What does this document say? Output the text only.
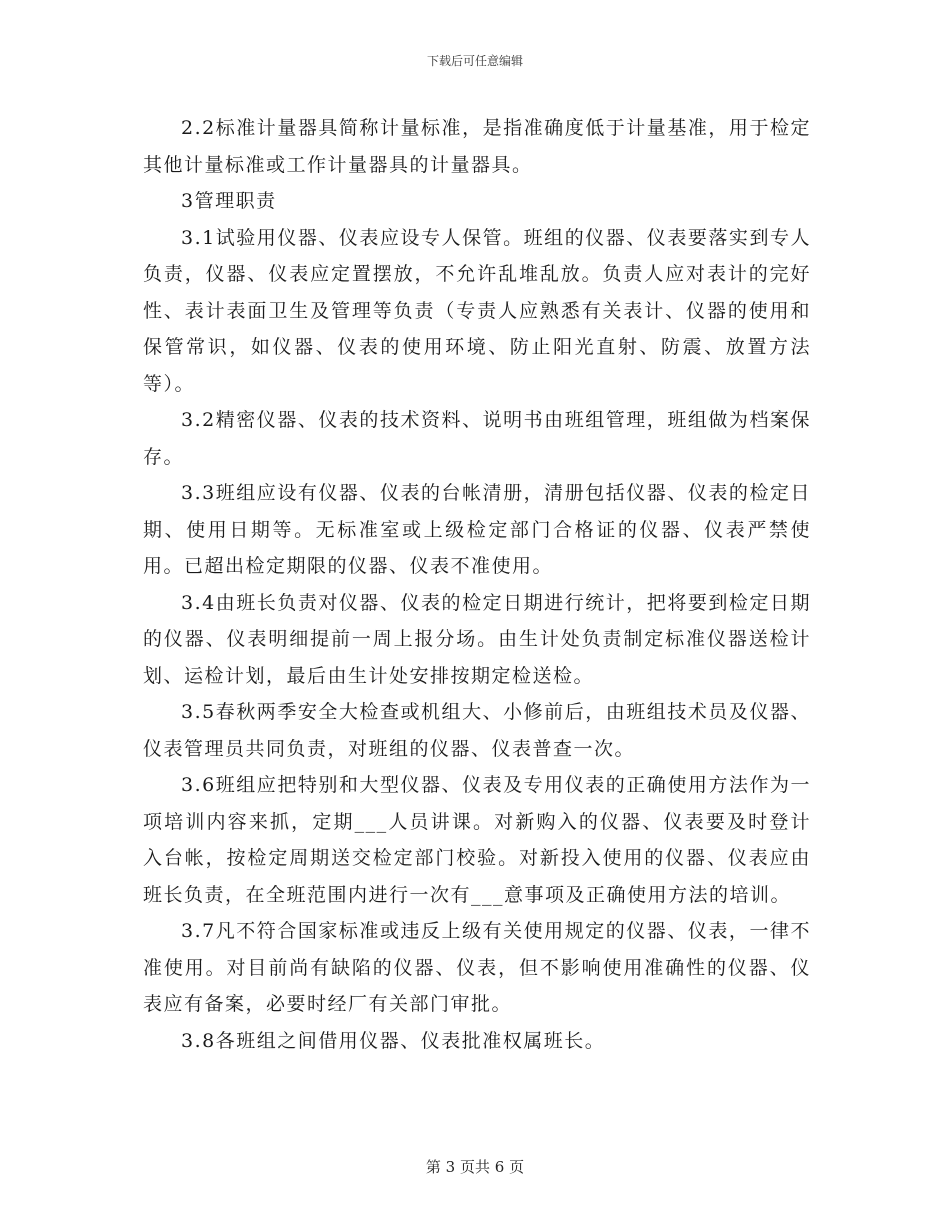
下载后可任意编辑

2.2标准计量器具简称计量标准，是指准确度低于计量基准，用于检定其他计量标准或工作计量器具的计量器具。

3管理职责

3.1试验用仪器、仪表应设专人保管。班组的仪器、仪表要落实到专人负责，仪器、仪表应定置摆放，不允许乱堆乱放。负责人应对表计的完好性、表计表面卫生及管理等负责（专责人应熟悉有关表计、仪器的使用和保管常识，如仪器、仪表的使用环境、防止阳光直射、防震、放置方法等）。

3.2精密仪器、仪表的技术资料、说明书由班组管理，班组做为档案保存。

3.3班组应设有仪器、仪表的台帐清册，清册包括仪器、仪表的检定日期、使用日期等。无标准室或上级检定部门合格证的仪器、仪表严禁使用。已超出检定期限的仪器、仪表不准使用。

3.4由班长负责对仪器、仪表的检定日期进行统计，把将要到检定日期的仪器、仪表明细提前一周上报分场。由生计处负责制定标准仪器送检计划、运检计划，最后由生计处安排按期定检送检。

3.5春秋两季安全大检查或机组大、小修前后，由班组技术员及仪器、仪表管理员共同负责，对班组的仪器、仪表普查一次。

3.6班组应把特别和大型仪器、仪表及专用仪表的正确使用方法作为一项培训内容来抓，定期___人员讲课。对新购入的仪器、仪表要及时登计入台帐，按检定周期送交检定部门校验。对新投入使用的仪器、仪表应由班长负责，在全班范围内进行一次有___意事项及正确使用方法的培训。

3.7凡不符合国家标准或违反上级有关使用规定的仪器、仪表，一律不准使用。对目前尚有缺陷的仪器、仪表，但不影响使用准确性的仪器、仪表应有备案，必要时经厂有关部门审批。

3.8各班组之间借用仪器、仪表批准权属班长。

第 3 页共 6 页
